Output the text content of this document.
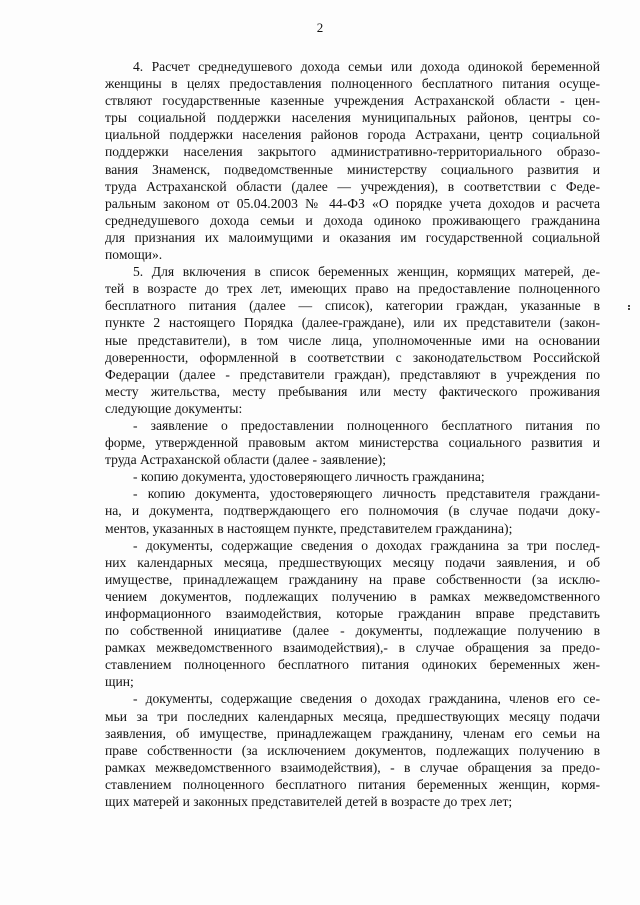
2
4. Расчет среднедушевого дохода семьи или дохода одинокой беременной
женщины в целях предоставления полноценного бесплатного питания осуще-
ствляют государственные казенные учреждения Астраханской области - цен-
тры социальной поддержки населения муниципальных районов, центры со-
циальной поддержки населения районов города Астрахани, центр социальной
поддержки населения закрытого административно-территориального образо-
вания Знаменск, подведомственные министерству социального развития и
труда Астраханской области (далее — учреждения), в соответствии с Феде-
ральным законом от 05.04.2003 № 44-ФЗ «О порядке учета доходов и расчета
среднедушевого дохода семьи и дохода одиноко проживающего гражданина
для признания их малоимущими и оказания им государственной социальной
помощи».
5. Для включения в список беременных женщин, кормящих матерей, де-
тей в возрасте до трех лет, имеющих право на предоставление полноценного
бесплатного питания (далее — список), категории граждан, указанные в
пункте 2 настоящего Порядка (далее-граждане), или их представители (закон-
ные представители), в том числе лица, уполномоченные ими на основании
доверенности, оформленной в соответствии с законодательством Российской
Федерации (далее - представители граждан), представляют в учреждения по
месту жительства, месту пребывания или месту фактического проживания
следующие документы:
- заявление о предоставлении полноценного бесплатного питания по
форме, утвержденной правовым актом министерства социального развития и
труда Астраханской области (далее - заявление);
- копию документа, удостоверяющего личность гражданина;
- копию документа, удостоверяющего личность представителя граждани-
на, и документа, подтверждающего его полномочия (в случае подачи доку-
ментов, указанных в настоящем пункте, представителем гражданина);
- документы, содержащие сведения о доходах гражданина за три послед-
них календарных месяца, предшествующих месяцу подачи заявления, и об
имуществе, принадлежащем гражданину на праве собственности (за исклю-
чением документов, подлежащих получению в рамках межведомственного
информационного взаимодействия, которые гражданин вправе представить
по собственной инициативе (далее - документы, подлежащие получению в
рамках межведомственного взаимодействия),- в случае обращения за предо-
ставлением полноценного бесплатного питания одиноких беременных жен-
щин;
- документы, содержащие сведения о доходах гражданина, членов его се-
мьи за три последних календарных месяца, предшествующих месяцу подачи
заявления, об имуществе, принадлежащем гражданину, членам его семьи на
праве собственности (за исключением документов, подлежащих получению в
рамках межведомственного взаимодействия), - в случае обращения за предо-
ставлением полноценного бесплатного питания беременных женщин, кормя-
щих матерей и законных представителей детей в возрасте до трех лет;
